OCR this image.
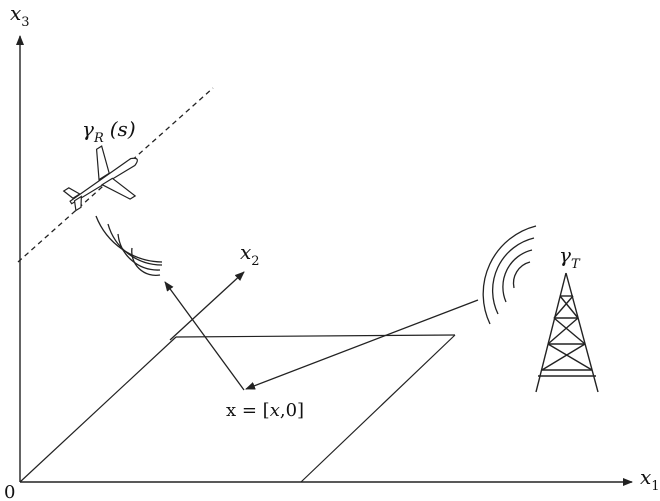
$x_3$
$x_1$
$x_2$
0
$\gamma_R$ (s)
$\gamma_T$
x = [x,0]
